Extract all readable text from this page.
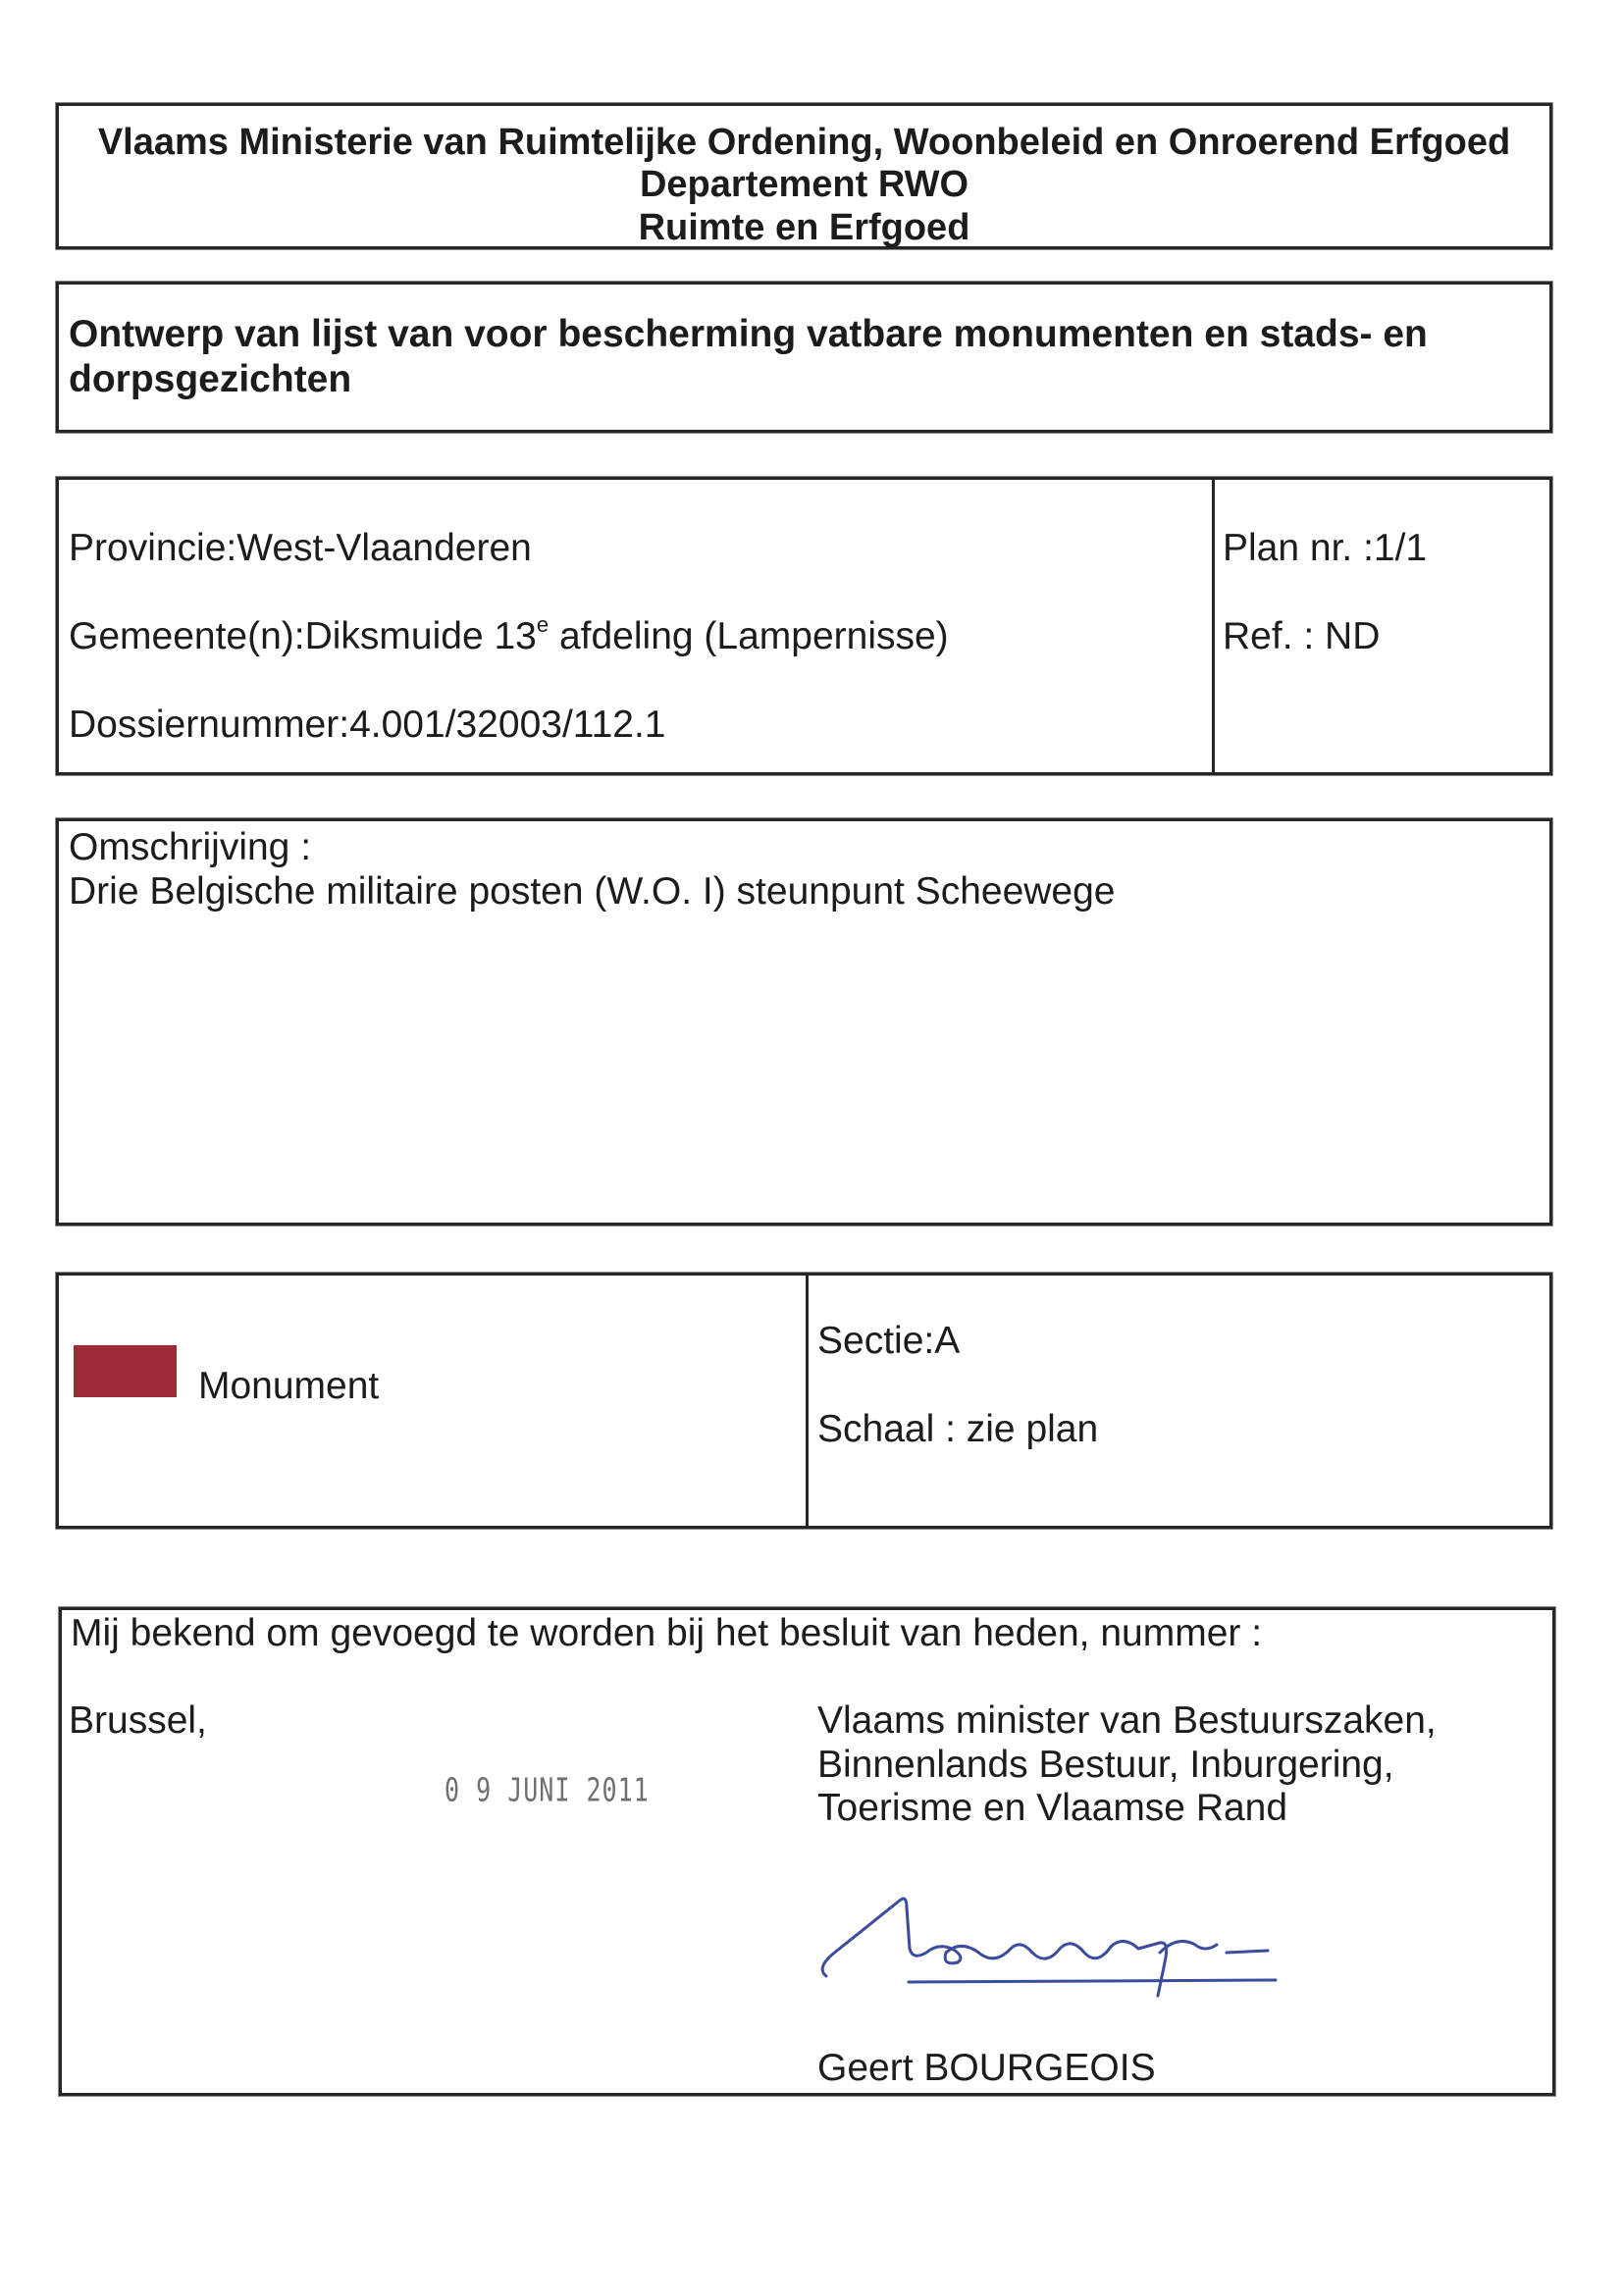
Vlaams Ministerie van Ruimtelijke Ordening, Woonbeleid en Onroerend Erfgoed
Departement RWO
Ruimte en Erfgoed
Ontwerp van lijst van voor bescherming vatbare monumenten en stads- en
dorpsgezichten
Provincie:West-Vlaanderen
Gemeente(n):Diksmuide 13e afdeling (Lampernisse)
Dossiernummer:4.001/32003/112.1
Plan nr. :1/1
Ref. : ND
Omschrijving :
Drie Belgische militaire posten (W.O. I) steunpunt Scheewege
Monument
Sectie:A
Schaal : zie plan
Mij bekend om gevoegd te worden bij het besluit van heden, nummer :
Brussel,
0 9 JUNI 2011
Vlaams minister van Bestuurszaken,
Binnenlands Bestuur, Inburgering,
Toerisme en Vlaamse Rand
Geert BOURGEOIS
